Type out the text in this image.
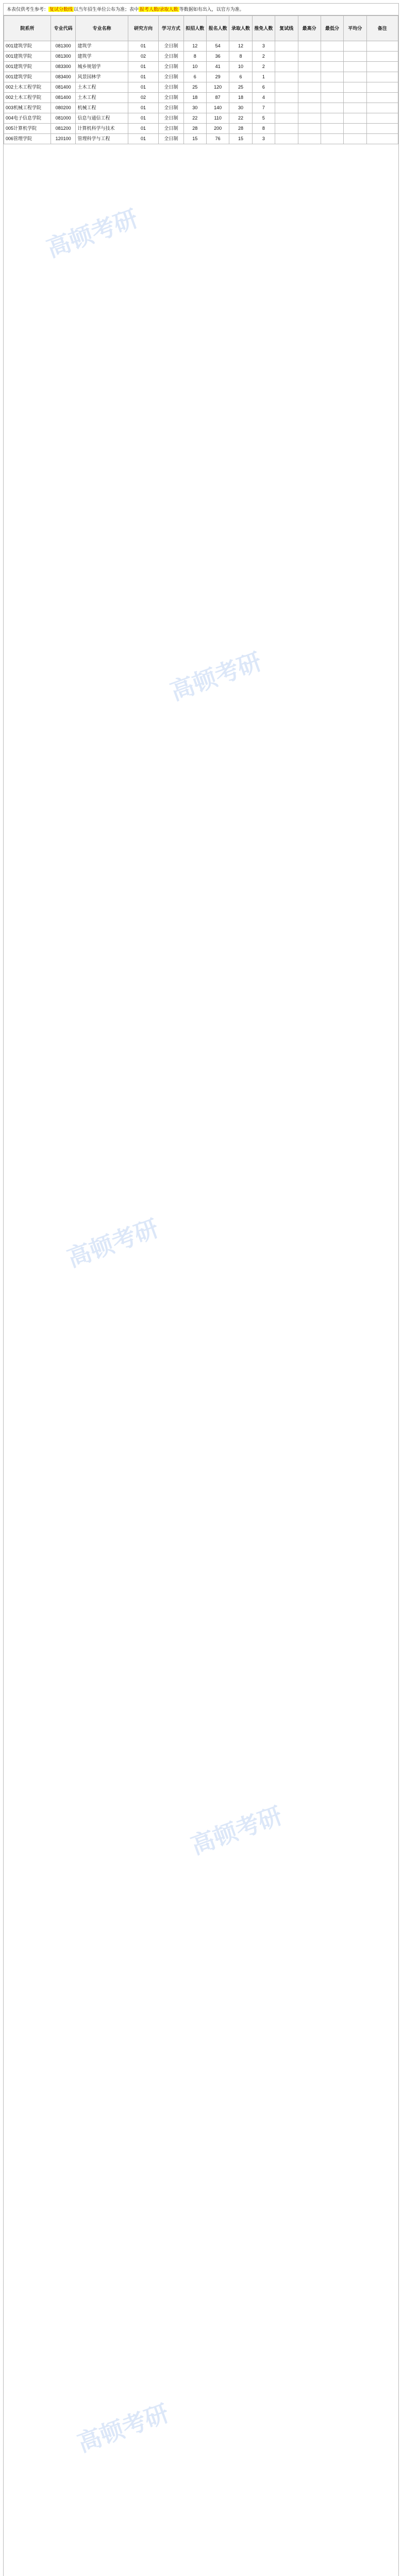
本表仅供考生参考： 复试分数线 以当年招生单位公布为准；表中 报考人数/录取人数 等数据如有出入，以官方为准。
院系所	专业代码	专业名称	研究方向	学习方式	拟招人数	报名人数	录取人数	推免人数	复试线	最高分	最低分	平均分	备注
001建筑学院	081300	建筑学	01	全日制	12	54	12	3					
001建筑学院	081300	建筑学	02	全日制	8	36	8	2					
001建筑学院	083300	城乡规划学	01	全日制	10	41	10	2					
001建筑学院	083400	风景园林学	01	全日制	6	29	6	1					
002土木工程学院	081400	土木工程	01	全日制	25	120	25	6					
002土木工程学院	081400	土木工程	02	全日制	18	87	18	4					
003机械工程学院	080200	机械工程	01	全日制	30	140	30	7					
004电子信息学院	081000	信息与通信工程	01	全日制	22	110	22	5					
005计算机学院	081200	计算机科学与技术	01	全日制	28	200	28	8					
006管理学院	120100	管理科学与工程	01	全日制	15	76	15	3					
高顿考研
高顿考研
高顿考研
高顿考研
高顿考研
